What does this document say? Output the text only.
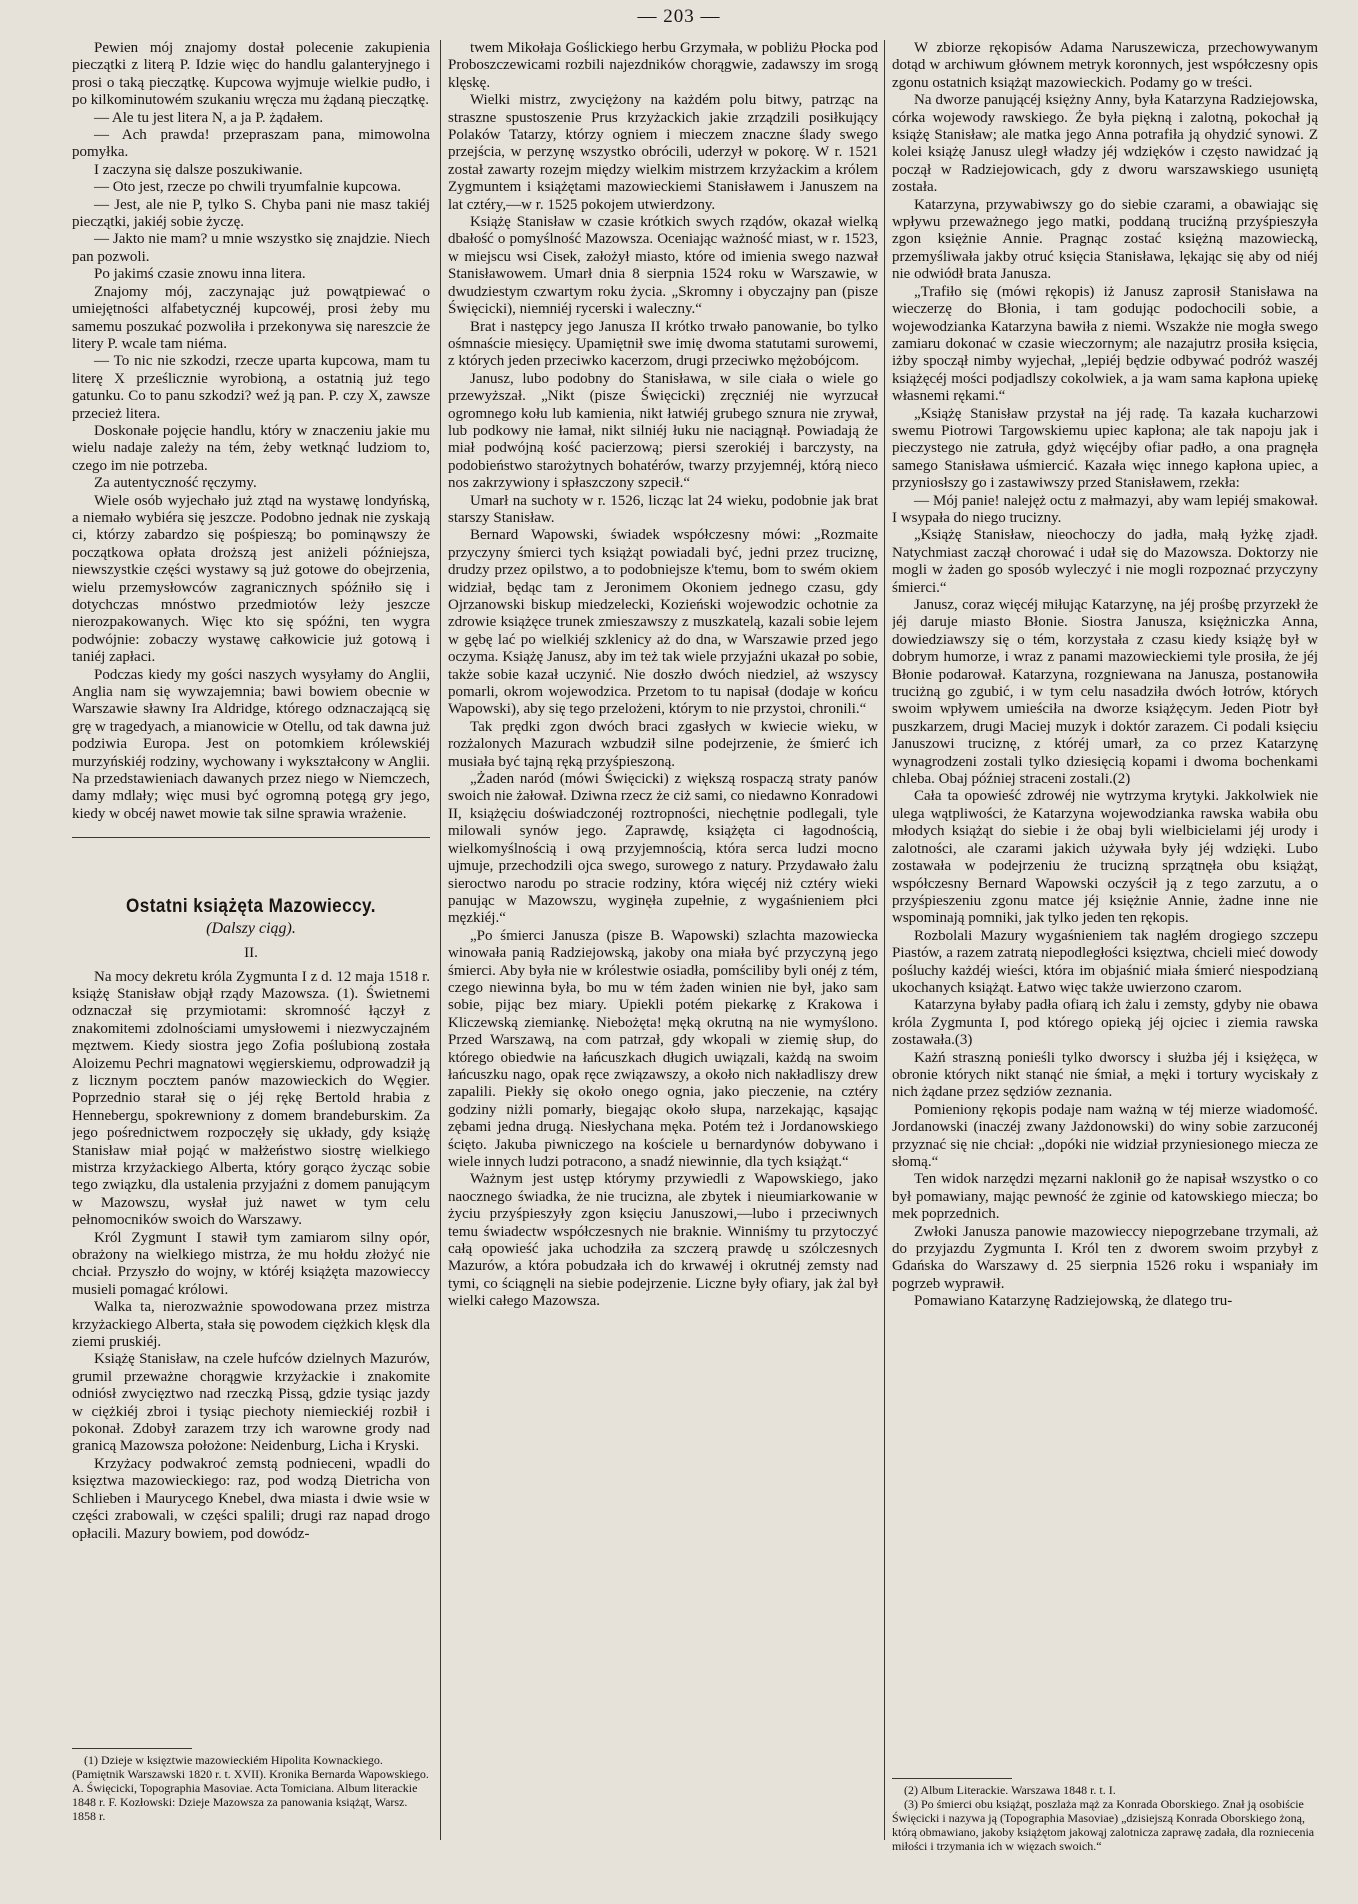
— 203 —

Pewien mój znajomy dostał polecenie zakupienia pieczątki z literą P. Idzie więc do handlu galanteryjnego i prosi o taką pieczątkę. Kupcowa wyjmuje wielkie pudło, i po kilkominutowém szukaniu wręcza mu żądaną pieczątkę.

— Ale tu jest litera N, a ja P. żądałem.

— Ach prawda! przepraszam pana, mimowolna pomyłka.

I zaczyna się dalsze poszukiwanie.

— Oto jest, rzecze po chwili tryumfalnie kupcowa.

— Jest, ale nie P, tylko S. Chyba pani nie masz takiéj pieczątki, jakiéj sobie życzę.

— Jakto nie mam? u mnie wszystko się znajdzie. Niech pan pozwoli.

Po jakimś czasie znowu inna litera.

Znajomy mój, zaczynając już powątpiewać o umiejętności alfabetycznéj kupcowéj, prosi żeby mu samemu poszukać pozwoliła i przekonywa się nareszcie że litery P. wcale tam niéma.

— To nic nie szkodzi, rzecze uparta kupcowa, mam tu literę X prześlicznie wyrobioną, a ostatnią już tego gatunku. Co to panu szkodzi? weź ją pan. P. czy X, zawsze przecież litera.

Doskonałe pojęcie handlu, który w znaczeniu jakie mu wielu nadaje zależy na tém, żeby wetknąć ludziom to, czego im nie potrzeba.

Za autentyczność ręczymy.

Wiele osób wyjechało już ztąd na wystawę londyńską, a niemało wybiéra się jeszcze. Podobno jednak nie zyskają ci, którzy zabardzo się pośpieszą; bo pominąwszy że początkowa opłata droższą jest aniżeli późniejsza, niewszystkie części wystawy są już gotowe do obejrzenia, wielu przemysłowców zagranicznych spóźniło się i dotychczas mnóstwo przedmiotów leży jeszcze nierozpakowanych. Więc kto się spóźni, ten wygra podwójnie: zobaczy wystawę całkowicie już gotową i taniéj zapłaci.

Podczas kiedy my gości naszych wysyłamy do Anglii, Anglia nam się wywzajemnia; bawi bowiem obecnie w Warszawie sławny Ira Aldridge, którego odznaczającą się grę w tragedyach, a mianowicie w Otellu, od tak dawna już podziwia Europa. Jest on potomkiem królewskiéj murzyńskiéj rodziny, wychowany i wykształcony w Anglii. Na przedstawieniach dawanych przez niego w Niemczech, damy mdlały; więc musi być ogromną potęgą gry jego, kiedy w obcéj nawet mowie tak silne sprawia wrażenie.

Ostatni książęta Mazowieccy.
(Dalszy ciąg).
II.

Na mocy dekretu króla Zygmunta I z d. 12 maja 1518 r. książę Stanisław objął rządy Mazowsza. (1). Świetnemi odznaczał się przymiotami: skromność łączył z znakomitemi zdolnościami umysłowemi i niezwyczajném męztwem. Kiedy siostra jego Zofia poślubioną została Aloizemu Pechri magnatowi węgierskiemu, odprowadził ją z licznym pocztem panów mazowieckich do Węgier. Poprzednio starał się o jéj rękę Bertold hrabia z Hennebergu, spokrewniony z domem brandeburskim. Za jego pośrednictwem rozpoczęły się układy, gdy książę Stanisław miał pojąć w małżeństwo siostrę wielkiego mistrza krzyżackiego Alberta, który gorąco życząc sobie tego związku, dla ustalenia przyjaźni z domem panującym w Mazowszu, wysłał już nawet w tym celu pełnomocników swoich do Warszawy.

Król Zygmunt I stawił tym zamiarom silny opór, obrażony na wielkiego mistrza, że mu hołdu złożyć nie chciał. Przyszło do wojny, w któréj książęta mazowieccy musieli pomagać królowi.

Walka ta, nierozważnie spowodowana przez mistrza krzyżackiego Alberta, stała się powodem ciężkich klęsk dla ziemi pruskiéj.

Książę Stanisław, na czele hufców dzielnych Mazurów, grumil przeważne chorągwie krzyżackie i znakomite odniósł zwycięztwo nad rzeczką Pissą, gdzie tysiąc jazdy w ciężkiéj zbroi i tysiąc piechoty niemieckiéj rozbił i pokonał. Zdobył zarazem trzy ich warowne grody nad granicą Mazowsza położone: Neidenburg, Licha i Kryski.

Krzyżacy podwakroć zemstą podnieceni, wpadli do księztwa mazowieckiego: raz, pod wodzą Dietricha von Schlieben i Maurycego Knebel, dwa miasta i dwie wsie w części zrabowali, w części spalili; drugi raz napad drogo opłacili. Mazury bowiem, pod dowódz-

twem Mikołaja Goślickiego herbu Grzymała, w pobliżu Płocka pod Proboszczewicami rozbili najezdników chorągwie, zadawszy im srogą klęskę.

Wielki mistrz, zwyciężony na każdém polu bitwy, patrząc na straszne spustoszenie Prus krzyżackich jakie zrządzili posiłkujący Polaków Tatarzy, którzy ogniem i mieczem znaczne ślady swego przejścia, w perzynę wszystko obrócili, uderzył w pokorę. W r. 1521 został zawarty rozejm między wielkim mistrzem krzyżackim a królem Zygmuntem i książętami mazowieckiemi Stanisławem i Januszem na lat cztéry,—w r. 1525 pokojem utwierdzony.

Książę Stanisław w czasie krótkich swych rządów, okazał wielką dbałość o pomyślność Mazowsza. Oceniając ważność miast, w r. 1523, w miejscu wsi Cisek, założył miasto, które od imienia swego nazwał Stanisławowem. Umarł dnia 8 sierpnia 1524 roku w Warszawie, w dwudziestym czwartym roku życia. „Skromny i obyczajny pan (pisze Święcicki), niemniéj rycerski i waleczny.“

Brat i następcy jego Janusza II krótko trwało panowanie, bo tylko ośmnaście miesięcy. Upamiętnił swe imię dwoma statutami surowemi, z których jeden przeciwko kacerzom, drugi przeciwko mężobójcom.

Janusz, lubo podobny do Stanisława, w sile ciała o wiele go przewyższał. „Nikt (pisze Święcicki) zręczniéj nie wyrzucał ogromnego kołu lub kamienia, nikt łatwiéj grubego sznura nie zrywał, lub podkowy nie łamał, nikt silniéj łuku nie naciągnął. Powiadają że miał podwójną kość pacierzową; piersi szerokiéj i barczysty, na podobieństwo starożytnych bohatérów, twarzy przyjemnéj, którą nieco nos zakrzywiony i spłaszczony szpecił.“

Umarł na suchoty w r. 1526, licząc lat 24 wieku, podobnie jak brat starszy Stanisław.

Bernard Wapowski, świadek współczesny mówi: „Rozmaite przyczyny śmierci tych książąt powiadali być, jedni przez truciznę, drudzy przez opilstwo, a to podobniejsze k'temu, bom to swém okiem widział, będąc tam z Jeronimem Okoniem jednego czasu, gdy Ojrzanowski biskup miedzelecki, Kozieński wojewodzic ochotnie za zdrowie książęce trunek zmieszawszy z muszkatelą, kazali sobie lejem w gębę lać po wielkiéj szklenicy aż do dna, w Warszawie przed jego oczyma. Książę Janusz, aby im też tak wiele przyjaźni ukazał po sobie, także sobie kazał uczynić. Nie doszło dwóch niedziel, aż wszyscy pomarli, okrom wojewodzica. Przetom to tu napisał (dodaje w końcu Wapowski), aby się tego przelożeni, którym to nie przystoi, chronili.“

Tak prędki zgon dwóch braci zgasłych w kwiecie wieku, w rozżalonych Mazurach wzbudził silne podejrzenie, że śmierć ich musiała być tajną ręką przyśpieszoną.

„Żaden naród (mówi Święcicki) z większą rospaczą straty panów swoich nie żałował. Dziwna rzecz że ciż sami, co niedawno Konradowi II, książęciu doświadczonéj roztropności, niechętnie podlegali, tyle milowali synów jego. Zaprawdę, książęta ci łagodnością, wielkomyślnością i ową przyjemnością, która serca ludzi mocno ujmuje, przechodzili ojca swego, surowego z natury. Przydawało żalu sieroctwo narodu po stracie rodziny, która więcéj niż cztéry wieki panując w Mazowszu, wyginęła zupełnie, z wygaśnieniem płci męzkiéj.“

„Po śmierci Janusza (pisze B. Wapowski) szlachta mazowiecka winowała panią Radziejowską, jakoby ona miała być przyczyną jego śmierci. Aby była nie w królestwie osiadła, pomściliby byli onéj z tém, czego niewinna była, bo mu w tém żaden winien nie był, jako sam sobie, pijąc bez miary. Upiekli potém piekarkę z Krakowa i Kliczewską ziemiankę. Niebożęta! męką okrutną na nie wymyślono. Przed Warszawą, na com patrzał, gdy wkopali w ziemię słup, do którego obiedwie na łańcuszkach długich uwiązali, każdą na swoim łańcuszku nago, opak ręce związawszy, a około nich nakładliszy drew zapalili. Piekły się około onego ognia, jako pieczenie, na cztéry godziny niżli pomarły, biegając około słupa, narzekając, kąsając zębami jedna drugą. Niesłychana męka. Potém też i Jordanowskiego ścięto. Jakuba piwniczego na kościele u bernardynów dobywano i wiele innych ludzi potracono, a snadź niewinnie, dla tych książąt.“

Ważnym jest ustęp którymy przywiedli z Wapowskiego, jako naocznego świadka, że nie trucizna, ale zbytek i nieumiarkowanie w życiu przyśpieszyły zgon księciu Januszowi,—lubo i przeciwnych temu świadectw współczesnych nie braknie. Winniśmy tu przytoczyć całą opowieść jaka uchodziła za szczerą prawdę u szólczesnych Mazurów, a która pobudzała ich do krwawéj i okrutnéj zemsty nad tymi, co ściągnęli na siebie podejrzenie. Liczne były ofiary, jak żal był wielki całego Mazowsza.

W zbiorze rękopisów Adama Naruszewicza, przechowywanym dotąd w archiwum głównem metryk koronnych, jest współczesny opis zgonu ostatnich książąt mazowieckich. Podamy go w treści.

Na dworze panującéj księżny Anny, była Katarzyna Radziejowska, córka wojewody rawskiego. Że była piękną i zalotną, pokochał ją książę Stanisław; ale matka jego Anna potrafiła ją ohydzić synowi. Z kolei książę Janusz uległ władzy jéj wdzięków i często nawidzać ją począł w Radziejowicach, gdy z dworu warszawskiego usuniętą została.

Katarzyna, przywabiwszy go do siebie czarami, a obawiając się wpływu przeważnego jego matki, poddaną truciźną przyśpieszyła zgon księżnie Annie. Pragnąc zostać księżną mazowiecką, przemyśliwała jakby otruć księcia Stanisława, lękając się aby od niéj nie odwiódł brata Janusza.

„Trafiło się (mówi rękopis) iż Janusz zaprosił Stanisława na wieczerzę do Błonia, i tam godując podochocili sobie, a wojewodzianka Katarzyna bawiła z niemi. Wszakże nie mogła swego zamiaru dokonać w czasie wieczornym; ale nazajutrz prosiła księcia, iżby spoczął nimby wyjechał, „lepiéj będzie odbywać podróż waszéj książęcéj mości podjadlszy cokolwiek, a ja wam sama kapłona upiekę własnemi rękami.“

„Książę Stanisław przystał na jéj radę. Ta kazała kucharzowi swemu Piotrowi Targowskiemu upiec kapłona; ale tak napoju jak i pieczystego nie zatruła, gdyż więcéjby ofiar padło, a ona pragnęła samego Stanisława uśmiercić. Kazała więc innego kapłona upiec, a przyniosłszy go i zastawiwszy przed Stanisławem, rzekła:

— Mój panie! nalejęż octu z małmazyi, aby wam lepiéj smakował. I wsypała do niego trucizny.

„Książę Stanisław, nieochoczy do jadła, małą łyżkę zjadł. Natychmiast zaczął chorować i udał się do Mazowsza. Doktorzy nie mogli w żaden go sposób wyleczyć i nie mogli rozpoznać przyczyny śmierci.“

Janusz, coraz więcéj miłując Katarzynę, na jéj prośbę przyrzekł że jéj daruje miasto Błonie. Siostra Janusza, księżniczka Anna, dowiedziawszy się o tém, korzystała z czasu kiedy książę był w dobrym humorze, i wraz z panami mazowieckiemi tyle prosiła, że jéj Błonie podarował. Katarzyna, rozgniewana na Janusza, postanowiła truciżną go zgubić, i w tym celu nasadziła dwóch łotrów, których swoim wpływem umieściła na dworze książęcym. Jeden Piotr był puszkarzem, drugi Maciej muzyk i doktór zarazem. Ci podali księciu Januszowi truciznę, z któréj umarł, za co przez Katarzynę wynagrodzeni zostali tylko dziesięcią kopami i dwoma bochenkami chleba. Obaj później straceni zostali.(2)

Cała ta opowieść zdrowéj nie wytrzyma krytyki. Jakkolwiek nie ulega wątpliwości, że Katarzyna wojewodzianka rawska wabiła obu młodych książąt do siebie i że obaj byli wielbicielami jéj urody i zalotności, ale czarami jakich używała były jéj wdzięki. Lubo zostawała w podejrzeniu że trucizną sprzątnęła obu książąt, współczesny Bernard Wapowski oczyścił ją z tego zarzutu, a o przyśpieszeniu zgonu matce jéj księżnie Annie, żadne inne nie wspominają pomniki, jak tylko jeden ten rękopis.

Rozbolali Mazury wygaśnieniem tak nagłém drogiego szczepu Piastów, a razem zatratą niepodległości księztwa, chcieli mieć dowody pośluchy każdéj wieści, która im objaśnić miała śmierć niespodzianą ukochanych książąt. Łatwo więc także uwierzono czarom.

Katarzyna byłaby padła ofiarą ich żalu i zemsty, gdyby nie obawa króla Zygmunta I, pod którego opieką jéj ojciec i ziemia rawska zostawała.(3)

Każń straszną ponieśli tylko dworscy i służba jéj i księżęca, w obronie których nikt stanąć nie śmiał, a męki i tortury wyciskały z nich żądane przez sędziów zeznania.

Pomieniony rękopis podaje nam ważną w téj mierze wiadomość. Jordanowski (inaczéj zwany Jażdonowski) do winy sobie zarzuconéj przyznać się nie chciał: „dopóki nie widział przyniesionego miecza ze słomą.“

Ten widok narzędzi męzarni naklonił go że napisał wszystko o co był pomawiany, mając pewność że zginie od katowskiego miecza; bo mek poprzednich.

Zwłoki Janusza panowie mazowieccy niepogrzebane trzymali, aż do przyjazdu Zygmunta I. Król ten z dworem swoim przybył z Gdańska do Warszawy d. 25 sierpnia 1526 roku i wspaniały im pogrzeb wyprawił.

Pomawiano Katarzynę Radziejowską, że dlatego tru-

(1) Dzieje w księztwie mazowieckiém Hipolita Kownackiego. (Pamiętnik Warszawski 1820 r. t. XVII). Kronika Bernarda Wapowskiego. A. Święcicki, Topographia Masoviae. Acta Tomiciana. Album literackie 1848 r. F. Kozłowski: Dzieje Mazowsza za panowania książąt, Warsz. 1858 r.

(2) Album Literackie. Warszawa 1848 r. t. I.

(3) Po śmierci obu książąt, poszlaża mąż za Konrada Oborskiego. Znał ją osobiście Święcicki i nazywa ją (Topographia Masoviae) „dzisiejszą Konrada Oborskiego żoną, którą obmawiano, jakoby książętom jakowąj zalotnicza zaprawę zadała, dla rozniecenia miłości i trzymania ich w więzach swoich.“
